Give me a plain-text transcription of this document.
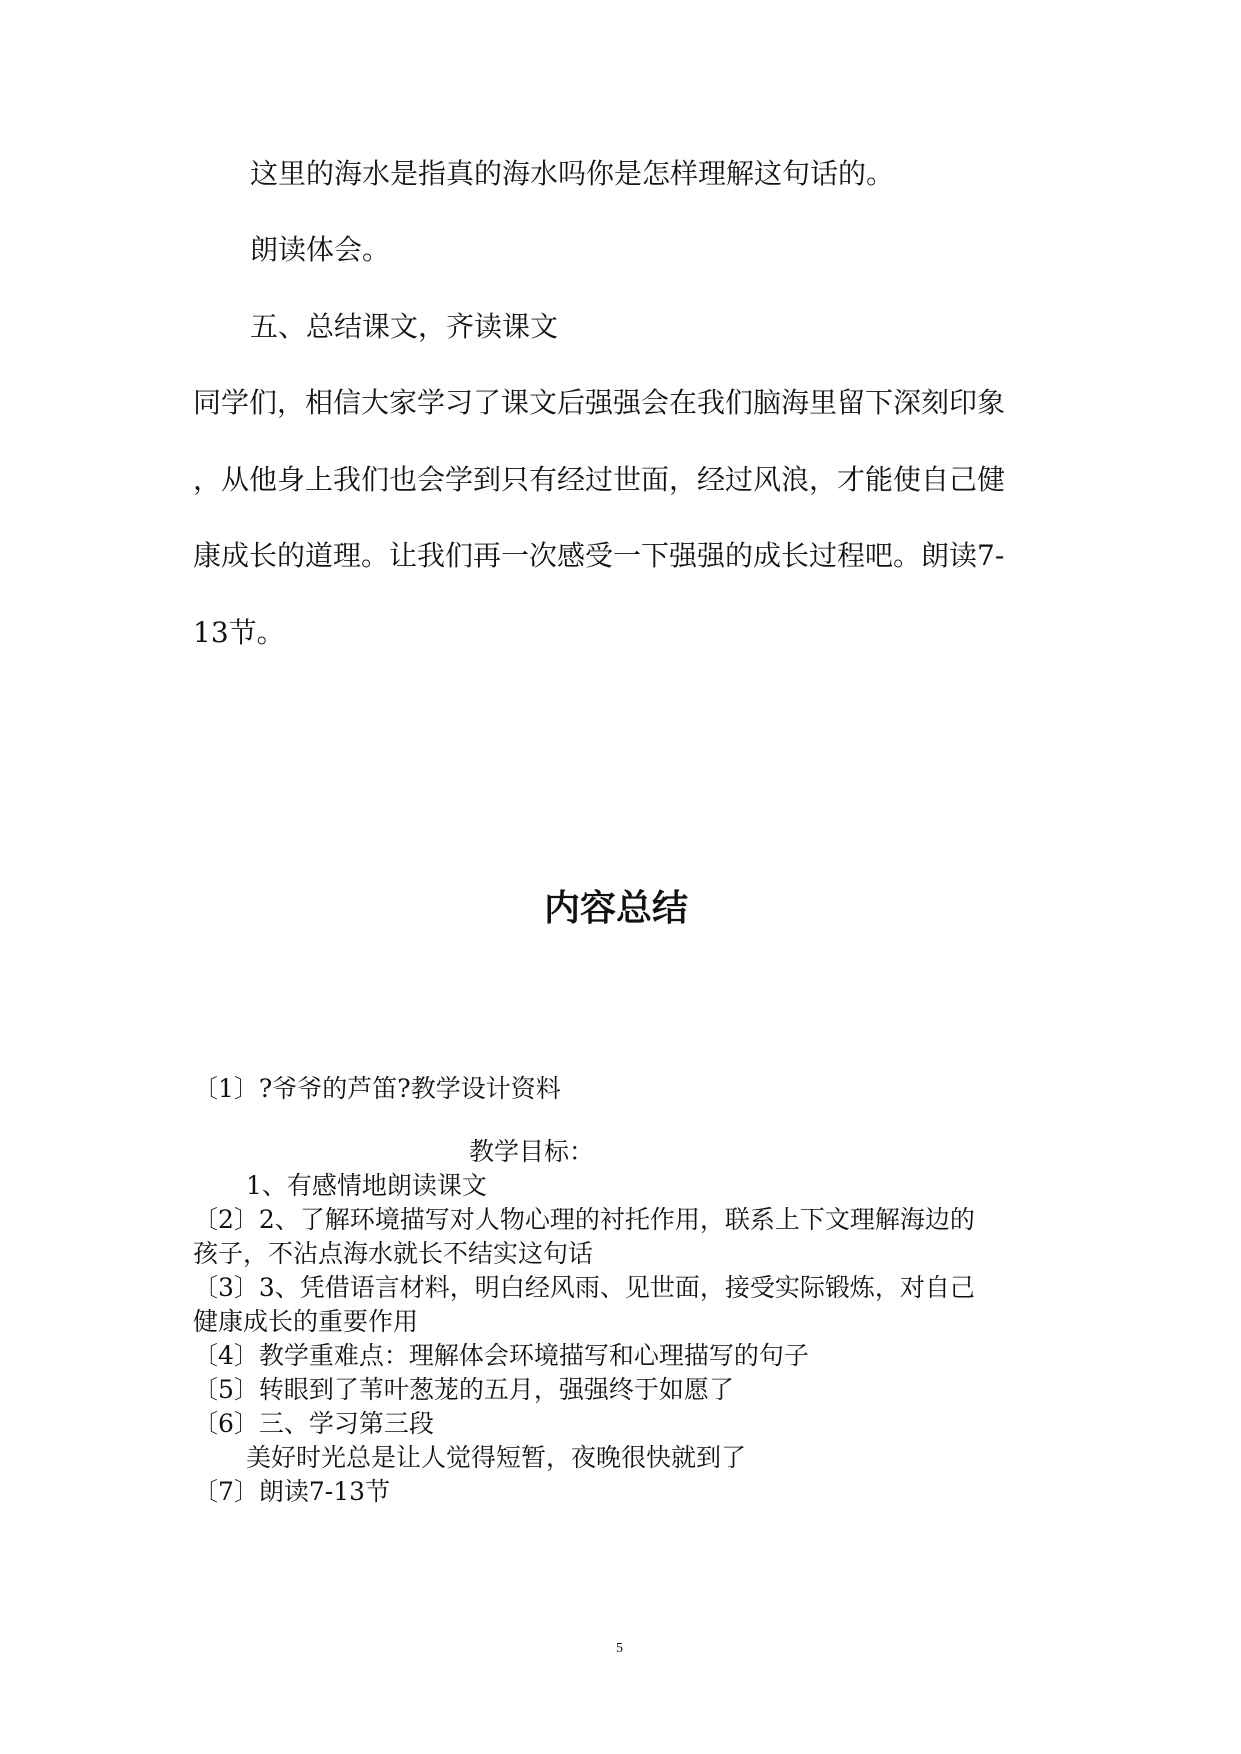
这里的海水是指真的海水吗你是怎样理解这句话的。

朗读体会。

五、总结课文，齐读课文

同学们，相信大家学习了课文后强强会在我们脑海里留下深刻印象

，从他身上我们也会学到只有经过世面，经过风浪，才能使自己健

康成长的道理。让我们再一次感受一下强强的成长过程吧。朗读7-

13节。

内容总结

〔1〕?爷爷的芦笛?教学设计资料

教学目标：

1、有感情地朗读课文

〔2〕2、了解环境描写对人物心理的衬托作用，联系上下文理解海边的

孩子，不沾点海水就长不结实这句话

〔3〕3、凭借语言材料，明白经风雨、见世面，接受实际锻炼，对自己

健康成长的重要作用

〔4〕教学重难点：理解体会环境描写和心理描写的句子

〔5〕转眼到了苇叶葱茏的五月，强强终于如愿了

〔6〕三、学习第三段

美好时光总是让人觉得短暂，夜晚很快就到了

〔7〕朗读7-13节

5
